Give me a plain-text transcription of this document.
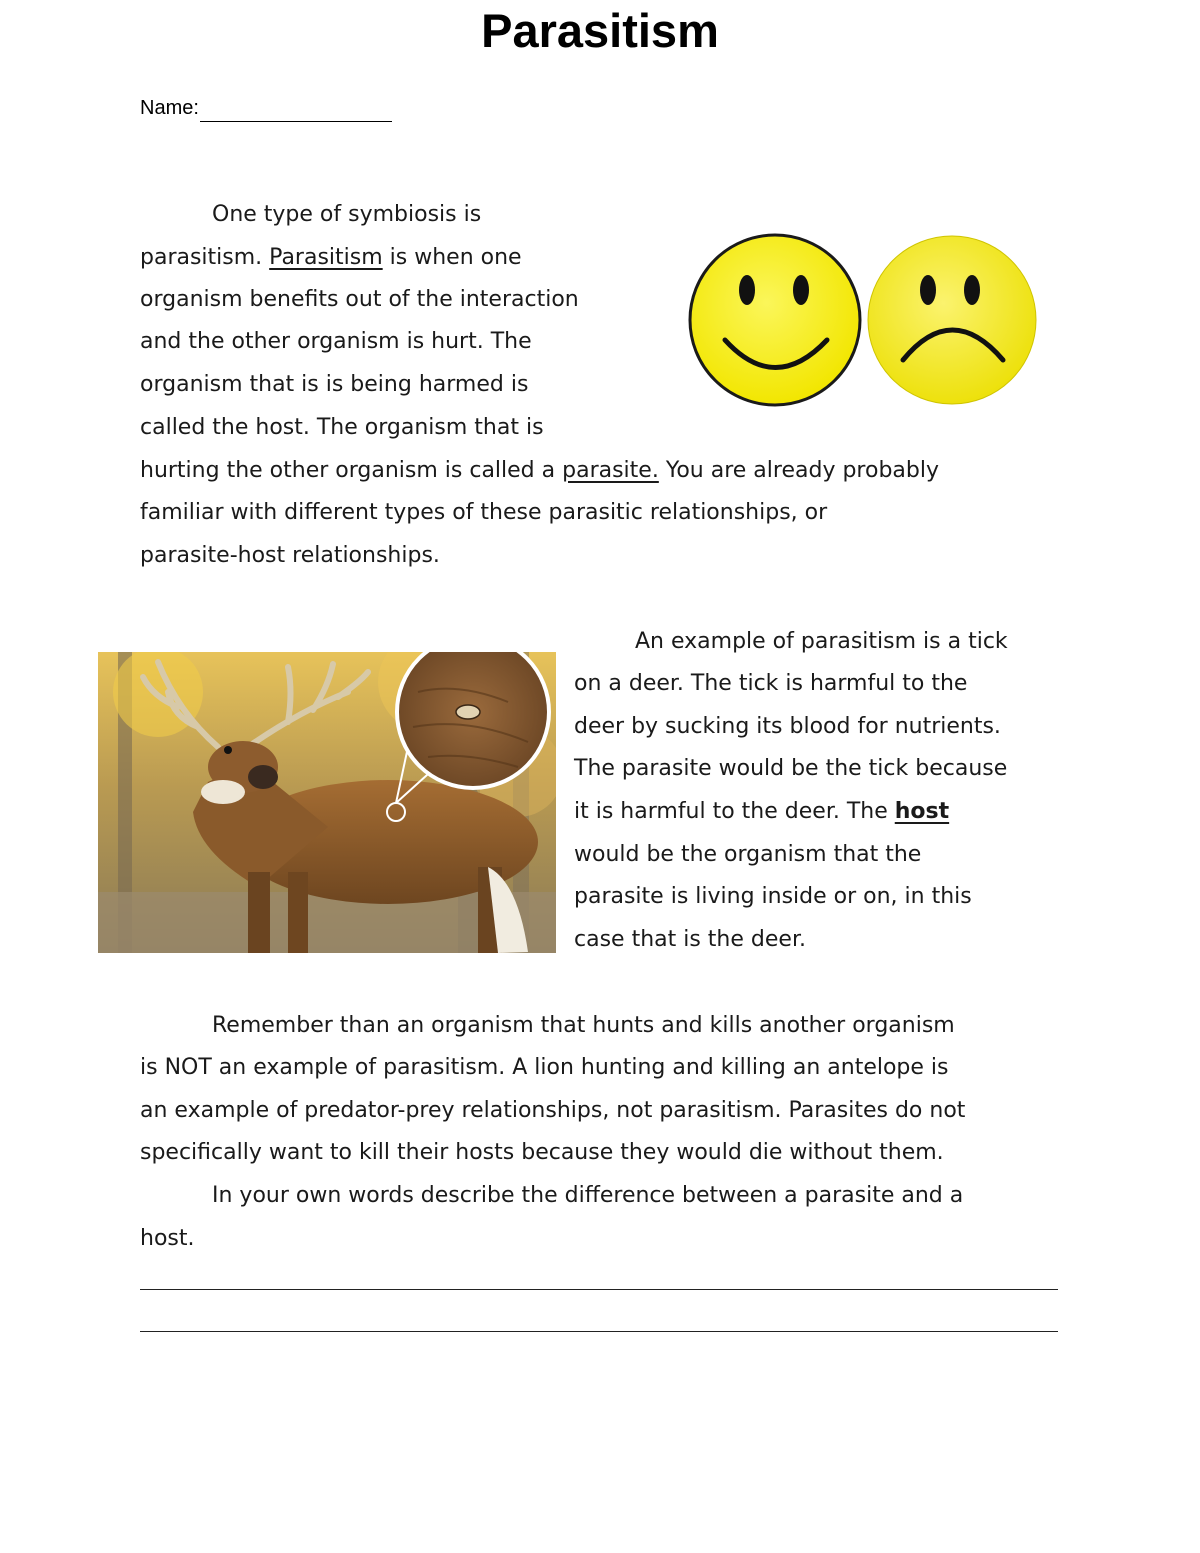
Parasitism
Name:
One type of symbiosis is
parasitism. Parasitism is when one
organism benefits out of the interaction
and the other organism is hurt. The
organism that is is being harmed is
called the host. The organism that is
hurting the other organism is called a parasite. You are already probably
familiar with different types of these parasitic relationships, or
parasite-host relationships.
An example of parasitism is a tick
on a deer. The tick is harmful to the
deer by sucking its blood for nutrients.
The parasite would be the tick because
it is harmful to the deer. The host
would be the organism that the
parasite is living inside or on, in this
case that is the deer.
Remember than an organism that hunts and kills another organism
is NOT an example of parasitism. A lion hunting and killing an antelope is
an example of predator-prey relationships, not parasitism. Parasites do not
specifically want to kill their hosts because they would die without them.
In your own words describe the difference between a parasite and a
host.
